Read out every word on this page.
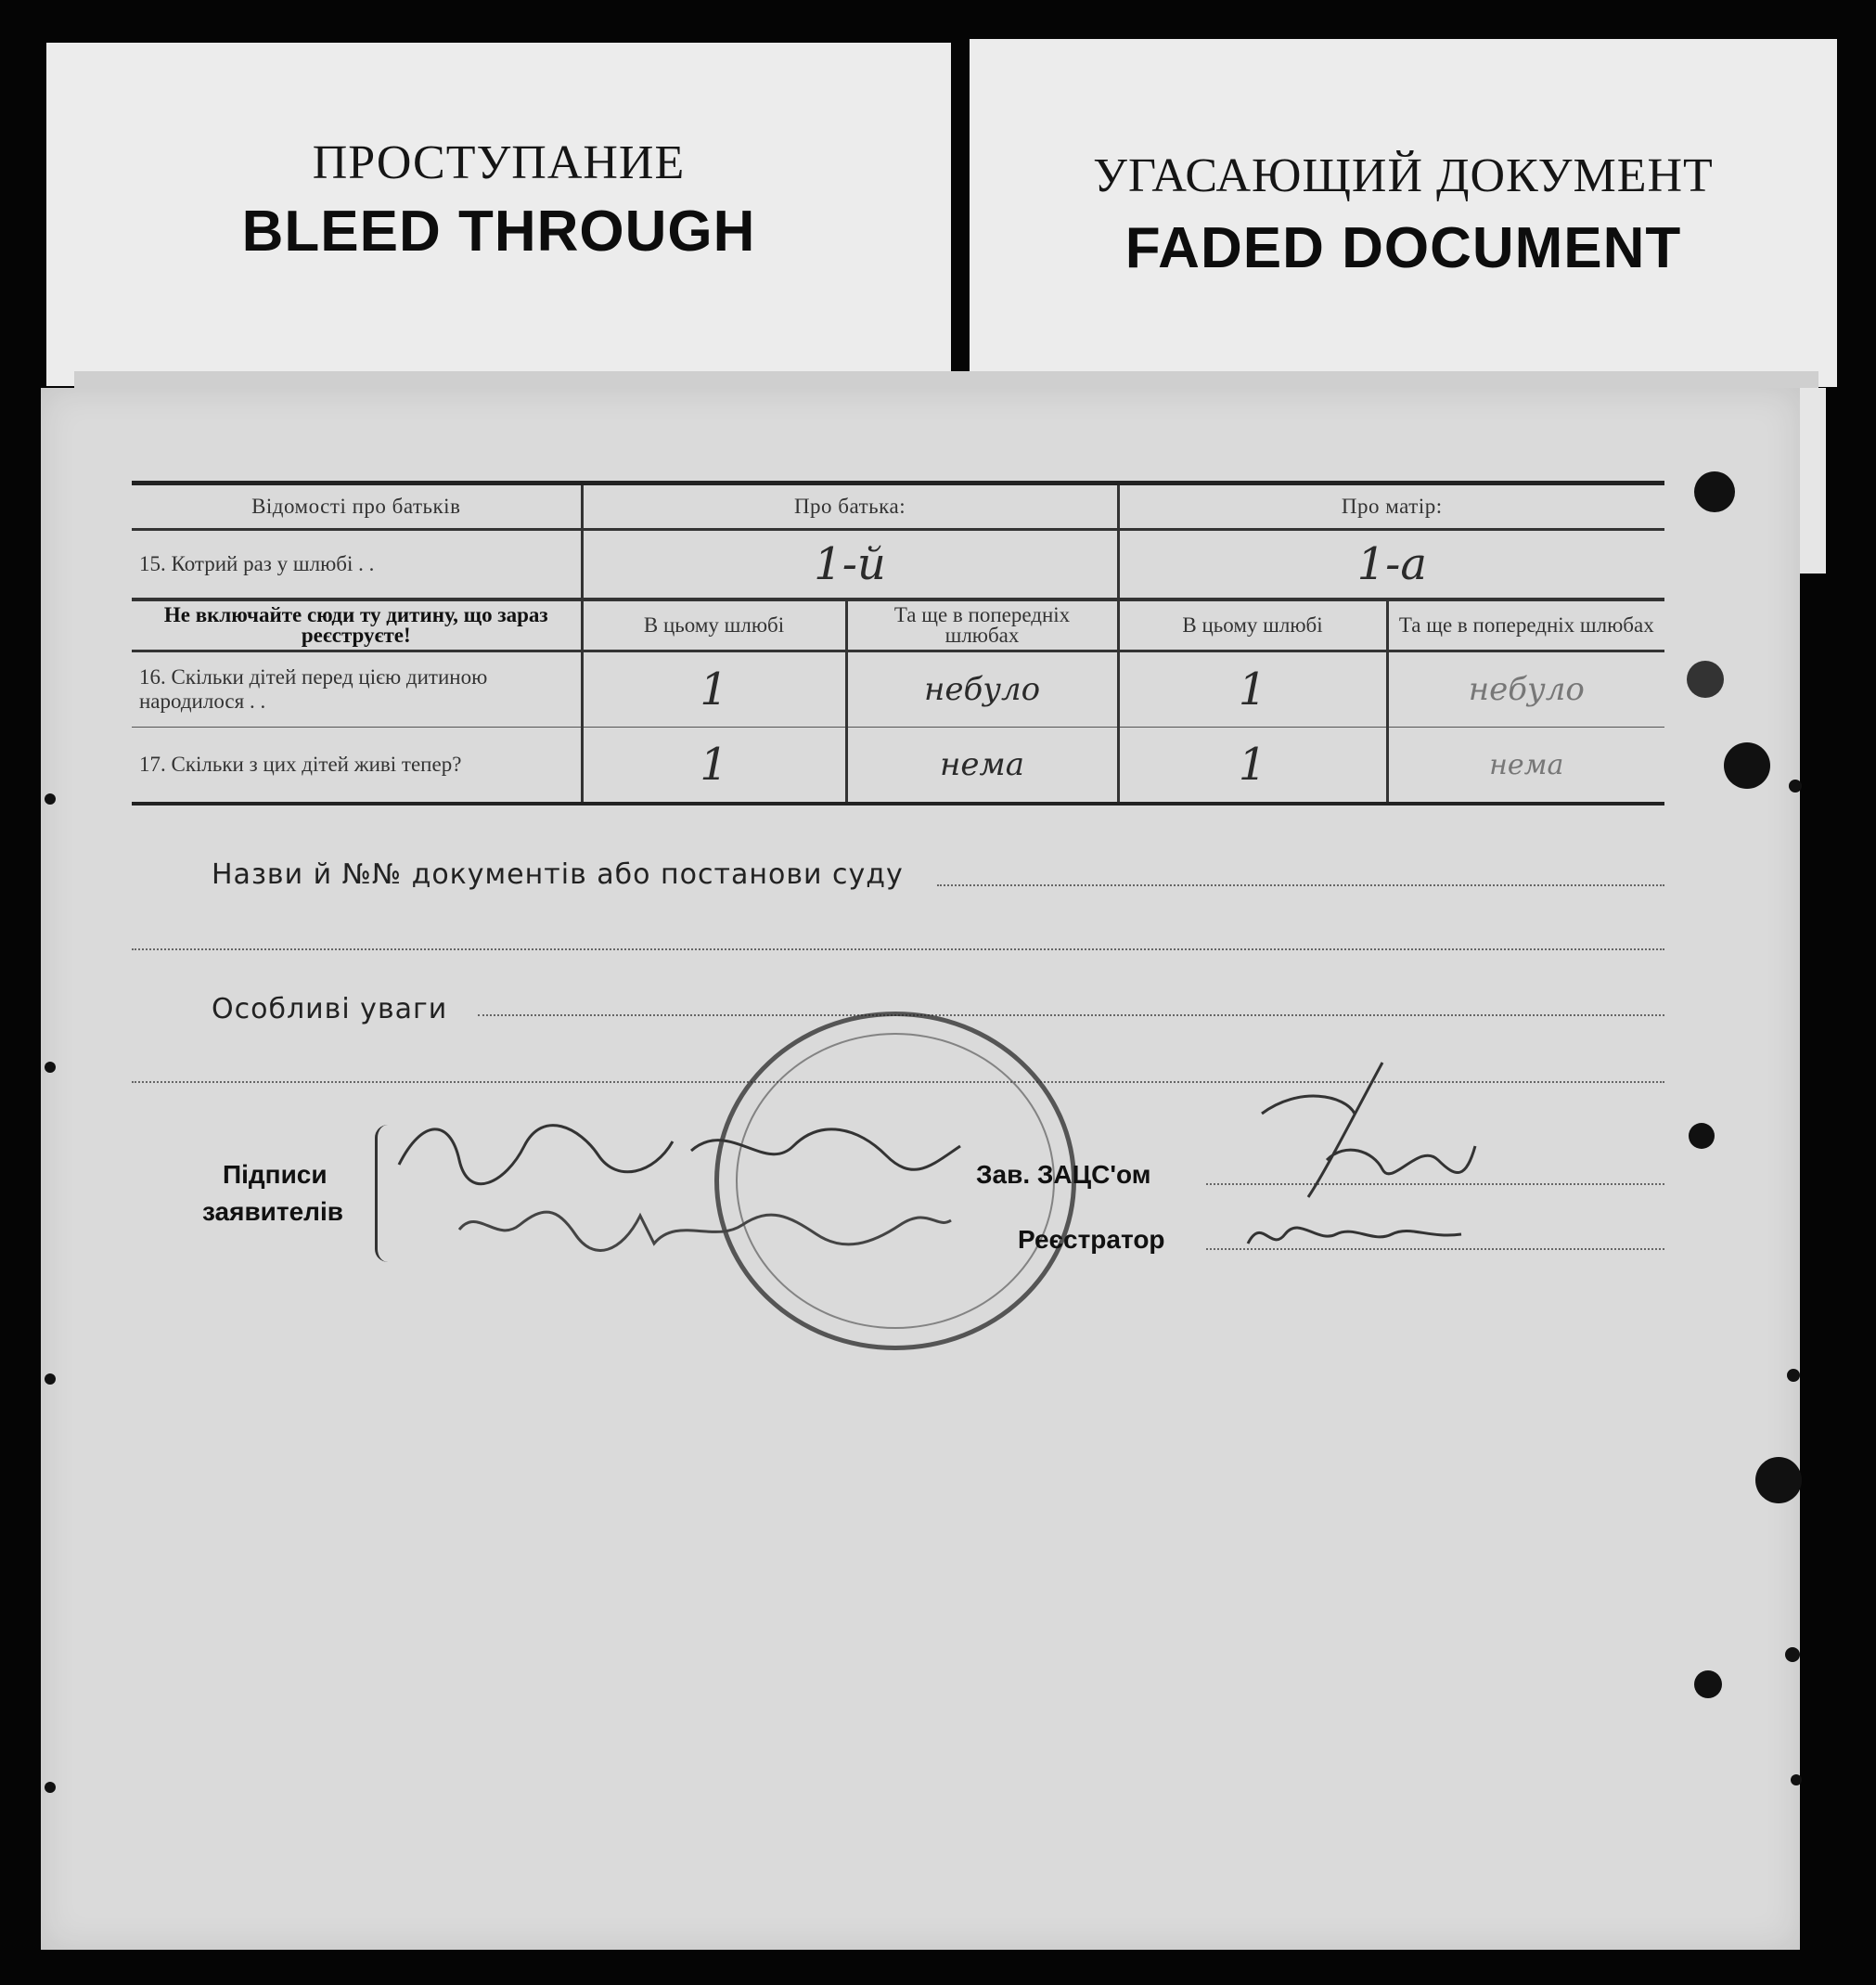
ПРОСТУПАНИЕ
BLEED THROUGH
УГАСАЮЩИЙ ДОКУМЕНТ
FADED DOCUMENT
Відомості про батьків	Про батька:		Про матір:	
15. Котрий раз у шлюбі . .	1-й		1-а	
Не включайте сюди ту дитину, що зараз реєструєте!	В цьому шлюбі	Та ще в попередніх шлюбах	В цьому шлюбі	Та ще в попередніх шлюбах
16. Скільки дітей перед цією дитиною народилося . .	1	небуло	1	небуло
17. Скільки з цих дітей живі тепер?	1	нема	1	нема
Назви й №№ документів або постанови суду
Особливі уваги
Підписи
заявителів
Зав. ЗАЦС'ом
Реєстратор
